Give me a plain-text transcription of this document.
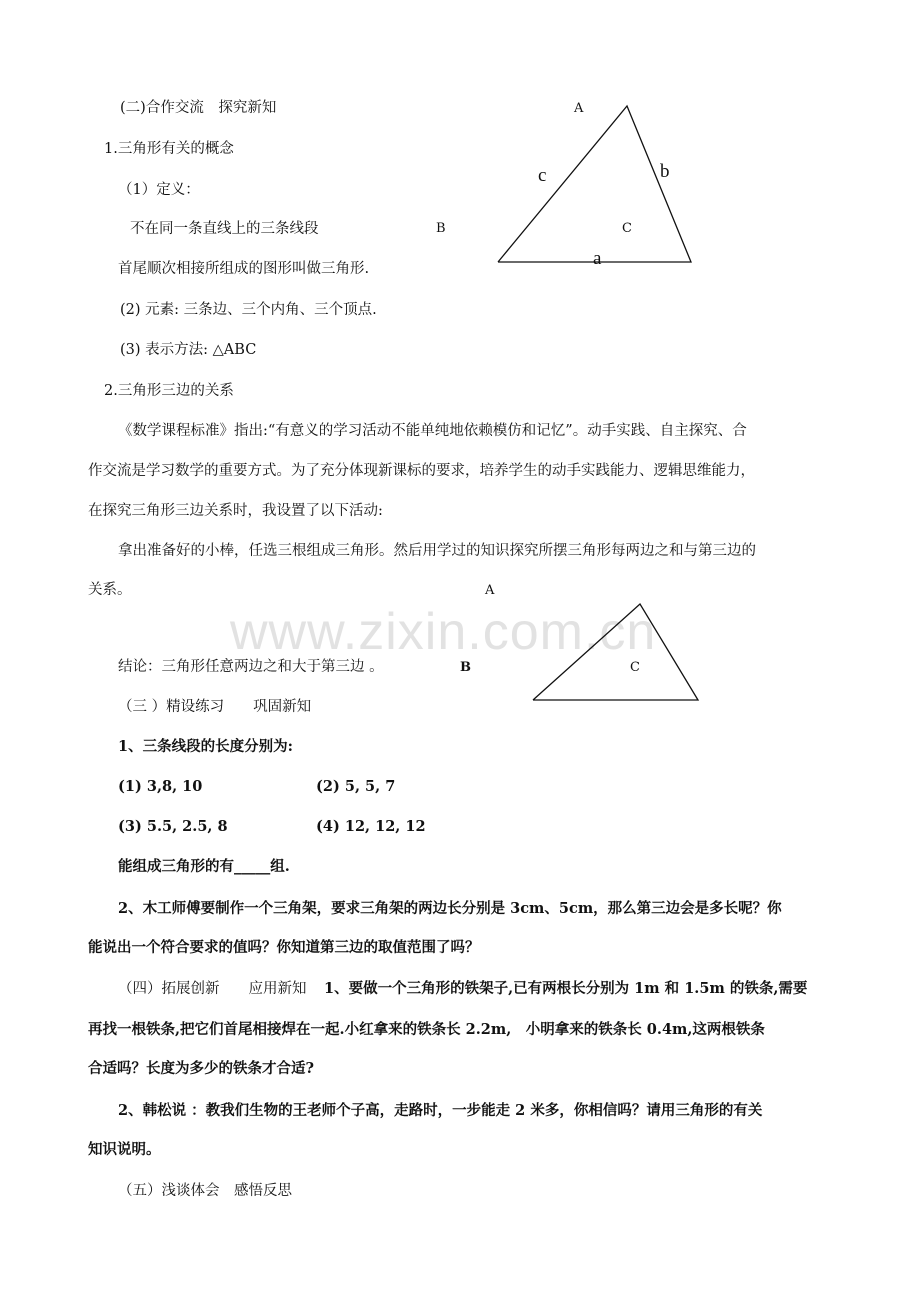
(二)合作交流　探究新知
1.三角形有关的概念
（1）定义：
不在同一条直线上的三条线段
首尾顺次相接所组成的图形叫做三角形.
(2) 元素: 三条边、三个内角、三个顶点.
(3) 表示方法: △ABC
2.三角形三边的关系
《数学课程标准》指出:“有意义的学习活动不能单纯地依赖模仿和记忆”。动手实践、自主探究、合
作交流是学习数学的重要方式。为了充分体现新课标的要求，培养学生的动手实践能力、逻辑思维能力，
在探究三角形三边关系时，我设置了以下活动:
拿出准备好的小棒，任选三根组成三角形。然后用学过的知识探究所摆三角形每两边之和与第三边的
关系。
A
B	C
c	b
a
www.zixin.com.cn
A
B	C
结论：三角形任意两边之和大于第三边 。
（三 ）精设练习　　巩固新知
1、三条线段的长度分别为:
(1) 3,8, 10	(2) 5, 5, 7
(3) 5.5, 2.5, 8	(4) 12, 12, 12
能组成三角形的有_____组.
2、木工师傅要制作一个三角架，要求三角架的两边长分别是 3cm、5cm，那么第三边会是多长呢？你
能说出一个符合要求的值吗？你知道第三边的取值范围了吗？
（四）拓展创新　　应用新知 1、要做一个三角形的铁架子,已有两根长分别为 1m 和 1.5m 的铁条,需要
再找一根铁条,把它们首尾相接焊在一起.小红拿来的铁条长 2.2m,　小明拿来的铁条长 0.4m,这两根铁条
合适吗？长度为多少的铁条才合适?
2、韩松说 ：教我们生物的王老师个子高，走路时，一步能走 2 米多，你相信吗？请用三角形的有关
知识说明。
（五）浅谈体会　感悟反思
